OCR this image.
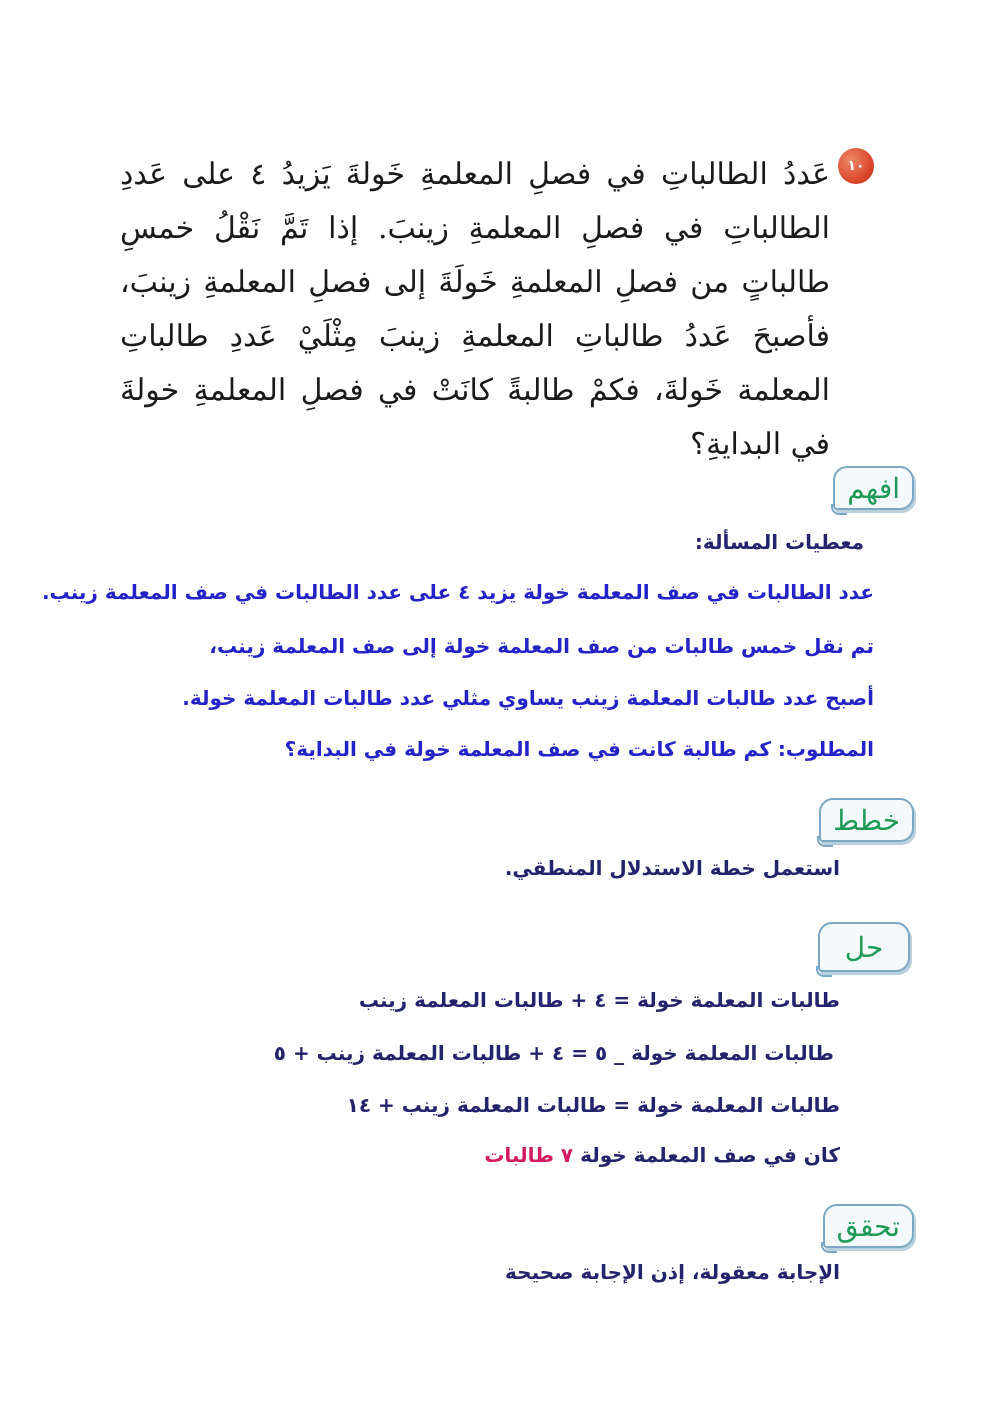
١٠

عَددُ الطالباتِ في فصلِ المعلمةِ خَولةَ يَزيدُ ٤ على عَددِ الطالباتِ في فصلِ المعلمةِ زينبَ. إذا تَمَّ نَقْلُ خمسِ طالباتٍ من فصلِ المعلمةِ خَولَةَ إلى فصلِ المعلمةِ زينبَ، فأصبحَ عَددُ طالباتِ المعلمةِ زينبَ مِثْلَيْ عَددِ طالباتِ المعلمة خَولةَ، فكمْ طالبةً كانَتْ في فصلِ المعلمةِ خولةَ في البدايةِ؟

افهم
معطيات المسألة:
عدد الطالبات في صف المعلمة خولة يزيد ٤ على عدد الطالبات في صف المعلمة زينب.
تم نقل خمس طالبات من صف المعلمة خولة إلى صف المعلمة زينب،
أصبح عدد طالبات المعلمة زينب يساوي مثلي عدد طالبات المعلمة خولة.
المطلوب: كم طالبة كانت في صف المعلمة خولة في البداية؟
خطط
استعمل خطة الاستدلال المنطقي.
حل
طالبات المعلمة خولة = ٤ + طالبات المعلمة زينب
طالبات المعلمة خولة _ ٥ = ٤ + طالبات المعلمة زينب + ٥
طالبات المعلمة خولة = طالبات المعلمة زينب + ١٤
كان في صف المعلمة خولة ٧ طالبات
تحقق
الإجابة معقولة، إذن الإجابة صحيحة
